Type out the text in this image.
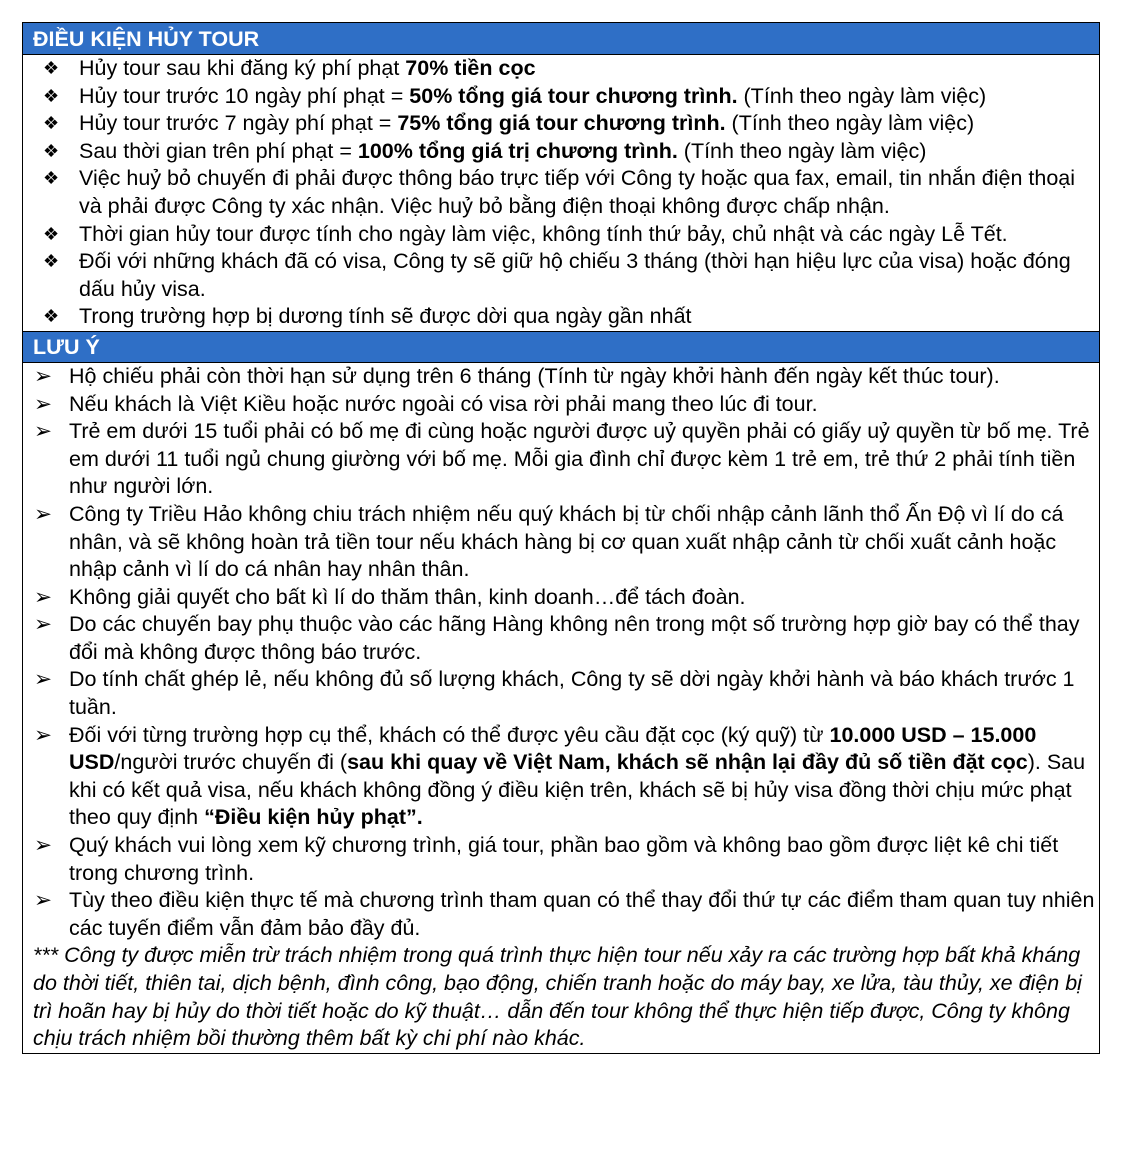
ĐIỀU KIỆN HỦY TOUR
❖ Hủy tour sau khi đăng ký phí phạt 70% tiền cọc
❖ Hủy tour trước 10 ngày phí phạt = 50% tổng giá tour chương trình. (Tính theo ngày làm việc)
❖ Hủy tour trước 7 ngày phí phạt = 75% tổng giá tour chương trình. (Tính theo ngày làm việc)
❖ Sau thời gian trên phí phạt = 100% tổng giá trị chương trình. (Tính theo ngày làm việc)
❖ Việc huỷ bỏ chuyến đi phải được thông báo trực tiếp với Công ty hoặc qua fax, email, tin nhắn điện thoại và phải được Công ty xác nhận. Việc huỷ bỏ bằng điện thoại không được chấp nhận.
❖ Thời gian hủy tour được tính cho ngày làm việc, không tính thứ bảy, chủ nhật và các ngày Lễ Tết.
❖ Đối với những khách đã có visa, Công ty sẽ giữ hộ chiếu 3 tháng (thời hạn hiệu lực của visa) hoặc đóng dấu hủy visa.
❖ Trong trường hợp bị dương tính sẽ được dời qua ngày gần nhất
LƯU Ý
➢ Hộ chiếu phải còn thời hạn sử dụng trên 6 tháng (Tính từ ngày khởi hành đến ngày kết thúc tour).
➢ Nếu khách là Việt Kiều hoặc nước ngoài có visa rời phải mang theo lúc đi tour.
➢ Trẻ em dưới 15 tuổi phải có bố mẹ đi cùng hoặc người được uỷ quyền phải có giấy uỷ quyền từ bố mẹ. Trẻ em dưới 11 tuổi ngủ chung giường với bố mẹ. Mỗi gia đình chỉ được kèm 1 trẻ em, trẻ thứ 2 phải tính tiền như người lớn.
➢ Công ty Triều Hảo không chiu trách nhiệm nếu quý khách bị từ chối nhập cảnh lãnh thổ Ấn Độ vì lí do cá nhân, và sẽ không hoàn trả tiền tour nếu khách hàng bị cơ quan xuất nhập cảnh từ chối xuất cảnh hoặc nhập cảnh vì lí do cá nhân hay nhân thân.
➢ Không giải quyết cho bất kì lí do thăm thân, kinh doanh…để tách đoàn.
➢ Do các chuyến bay phụ thuộc vào các hãng Hàng không nên trong một số trường hợp giờ bay có thể thay đổi mà không được thông báo trước.
➢ Do tính chất ghép lẻ, nếu không đủ số lượng khách, Công ty sẽ dời ngày khởi hành và báo khách trước 1 tuần.
➢ Đối với từng trường hợp cụ thể, khách có thể được yêu cầu đặt cọc (ký quỹ) từ 10.000 USD – 15.000 USD/người trước chuyến đi (sau khi quay về Việt Nam, khách sẽ nhận lại đầy đủ số tiền đặt cọc). Sau khi có kết quả visa, nếu khách không đồng ý điều kiện trên, khách sẽ bị hủy visa đồng thời chịu mức phạt theo quy định “Điều kiện hủy phạt”.
➢ Quý khách vui lòng xem kỹ chương trình, giá tour, phần bao gồm và không bao gồm được liệt kê chi tiết trong chương trình.
➢ Tùy theo điều kiện thực tế mà chương trình tham quan có thể thay đổi thứ tự các điểm tham quan tuy nhiên các tuyến điểm vẫn đảm bảo đầy đủ.
*** Công ty được miễn trừ trách nhiệm trong quá trình thực hiện tour nếu xảy ra các trường hợp bất khả kháng do thời tiết, thiên tai, dịch bệnh, đình công, bạo động, chiến tranh hoặc do máy bay, xe lửa, tàu thủy, xe điện bị trì hoãn hay bị hủy do thời tiết hoặc do kỹ thuật… dẫn đến tour không thể thực hiện tiếp được, Công ty không chịu trách nhiệm bồi thường thêm bất kỳ chi phí nào khác.
